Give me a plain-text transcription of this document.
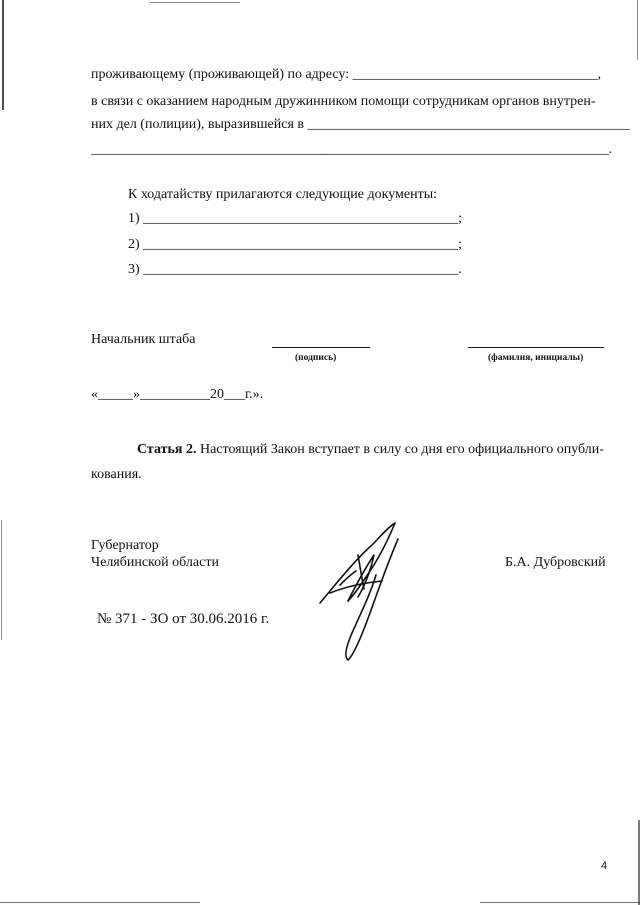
проживающему (проживающей) по адресу: ___________________________________,
в связи с оказанием народным дружинником помощи сотрудникам органов внутрен-
них дел (полиции), выразившейся в ______________________________________________
_______________________________________________________________________________.
К ходатайству прилагаются следующие документы:
1) _____________________________________________;
2) _____________________________________________;
3) _____________________________________________.
Начальник штаба
(подпись)	(фамилия, инициалы)
«_____»__________20___г.».
Статья 2. Настоящий Закон вступает в силу со дня его официального опубли-
кования.
Губернатор
Челябинской области	Б.А. Дубровский
№ 371 - ЗО от 30.06.2016 г.
4
